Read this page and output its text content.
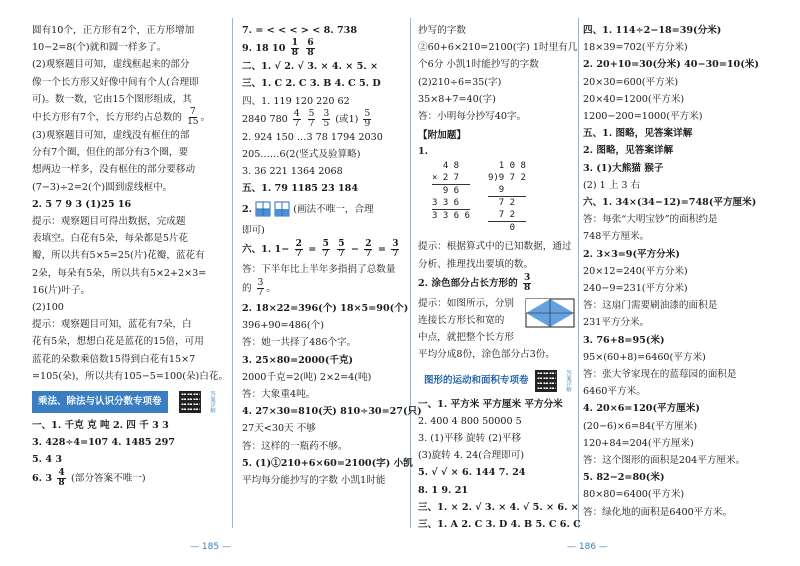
圆有10个，正方形有2个，正方形增加
10−2=8(个)就和圆一样多了。
(2)观察题目可知，虚线框起来的部分
像一个长方形又好像中间有个人(合理即
可)。数一数，它由15个图形组成，其
中长方形有7个，长方形约占总数的 $\frac{7}{15}$ 。
(3)观察题目可知，虚线没有框住的部
分有7个圈，但住的部分有3个圈，要
想两边一样多，没有框住的部分要移动
(7−3)÷2=2(个)圆到虚线框中。
2. 5 7 9 3 (1)25 16
提示：观察题目可得出数据，完成题
表填空。白花有5朵，每朵都是5片花
瓣，所以共有5×5=25(片)花瓣，蓝花有
2朵，每朵有5朵，所以共有5×2+2×3=
16(片)叶子。
(2)100
提示：观察题目可知，蓝花有7朵，白
花有5朵，想想白花是蓝花的15倍，可用
蓝花的朵数乘倍数15得到白花有15×7
=105(朵)，所以共有105−5=100(朵)白花。
乘法、除法与认识分数专项卷	答案详解
一、1. 千克 克 吨 2. 四 千 3 3
3. 428÷4=107 4. 1485 297
5. 4 3
6. $3 \frac{4}{8}$ (部分答案不唯一)
7. = < < < > < 8. 738
9. 18 $10 \frac{1}{8}$
$\frac{6}{8}$
二、1. √ 2. √ 3. × 4. × 5. ×
三、1. C 2. C 3. B 4. C 5. D
四、1. 119 120 220 62
2840 $780 \frac{4}{7}$
$\frac{5}{7}$
$\frac{3}{5}$ (或$1) \frac{5}{9}$
2. 924 150 …3 78 1794 2030
205……6(2(竖式及验算略)
3. 36 221 1364 2068
五、1. 79 1185 23 184
2.	(画法不唯一，合理
即可)
六、1. $1- \frac{2}{7} = \frac{5}{7}$
$\frac{5}{7} - \frac{2}{7} = \frac{3}{7}$
答：下半年比上半年多指捐了总数量
的 $\frac{3}{7}$ 。
2. 18×22=396(个) 18×5=90(个)
396+90=486(个)
答：她一共择了486个字。
3. 25×80=2000(千克)
2000千克=2(吨) 2×2=4(吨)
答：大象重4吨。
4. 27×30=810(天) 810÷30=27(只)
27天<30天 不够
答：这样的一瓶药不够。
5. (1)①210+6×60=2100(字) 小凯
平均每分能抄写的字数 小凯1时能
抄写的字数
②60+6×210=2100(字) 1时里有几
个6分 小凯1时能抄写的字数
(2)210÷6=35(字)
35×8+7=40(字)
答：小明每分抄写40字。
【附加题】
1.
4 8
× 2 7
9 6
3 3 6
3 3 6 6
1 0 8
9)9 7 2
9
7 2
7 2
0
提示：根据算式中的已知数据，通过
分析、推理找出要填的数。
2. 涂色部分占长方形的 $\frac{3}{8}$
提示：如图所示，分别
连接长方形长和宽的
中点，就把整个长方形
平均分成8份，涂色部分占3份。
图形的运动和面积专项卷	答案详解
一、1. 平方米 平方厘米 平方分米
2. 400 4 800 50000 5
3. (1)平移 旋转 (2)平移
(3)旋转 4. 24(合理即可)
5. √ √ × 6. 144 7. 24
8. 1 9. 21
三、1. × 2. √ 3. × 4. √ 5. × 6. ×
三、1. A 2. C 3. D 4. B 5. C 6. C
四、1. 114÷2−18=39(分米)
18×39=702(平方分米)
2. 20+10=30(分米) 40−30=10(米)
20×30=600(平方米)
20×40=1200(平方米)
1200−200=1000(平方米)
五、1. 图略，见答案详解
2. 图略，见答案详解
3. (1)大熊猫 猴子
(2) 1 上 3 右
六、1. 34×(34−12)=748(平方厘米)
答：每张“大明宝钞”的面积约是
748平方厘米。
2. 3×3=9(平方分米)
20×12=240(平方分米)
240−9=231(平方分米)
答：这扇门需要刷油漆的面积是
231平方分米。
3. 76+8=95(米)
95×(60+8)=6460(平方米)
答：张大爷家现在的蓝莓园的面积是
6460平方米。
4. 20×6=120(平方厘米)
(20−6)×6=84(平方厘米)
120+84=204(平方厘米)
答：这个图形的面积是204平方厘米。
5. 82−2=80(米)
80×80=6400(平方米)
答：绿化地的面积是6400平方米。
— 185 —	— 186 —
